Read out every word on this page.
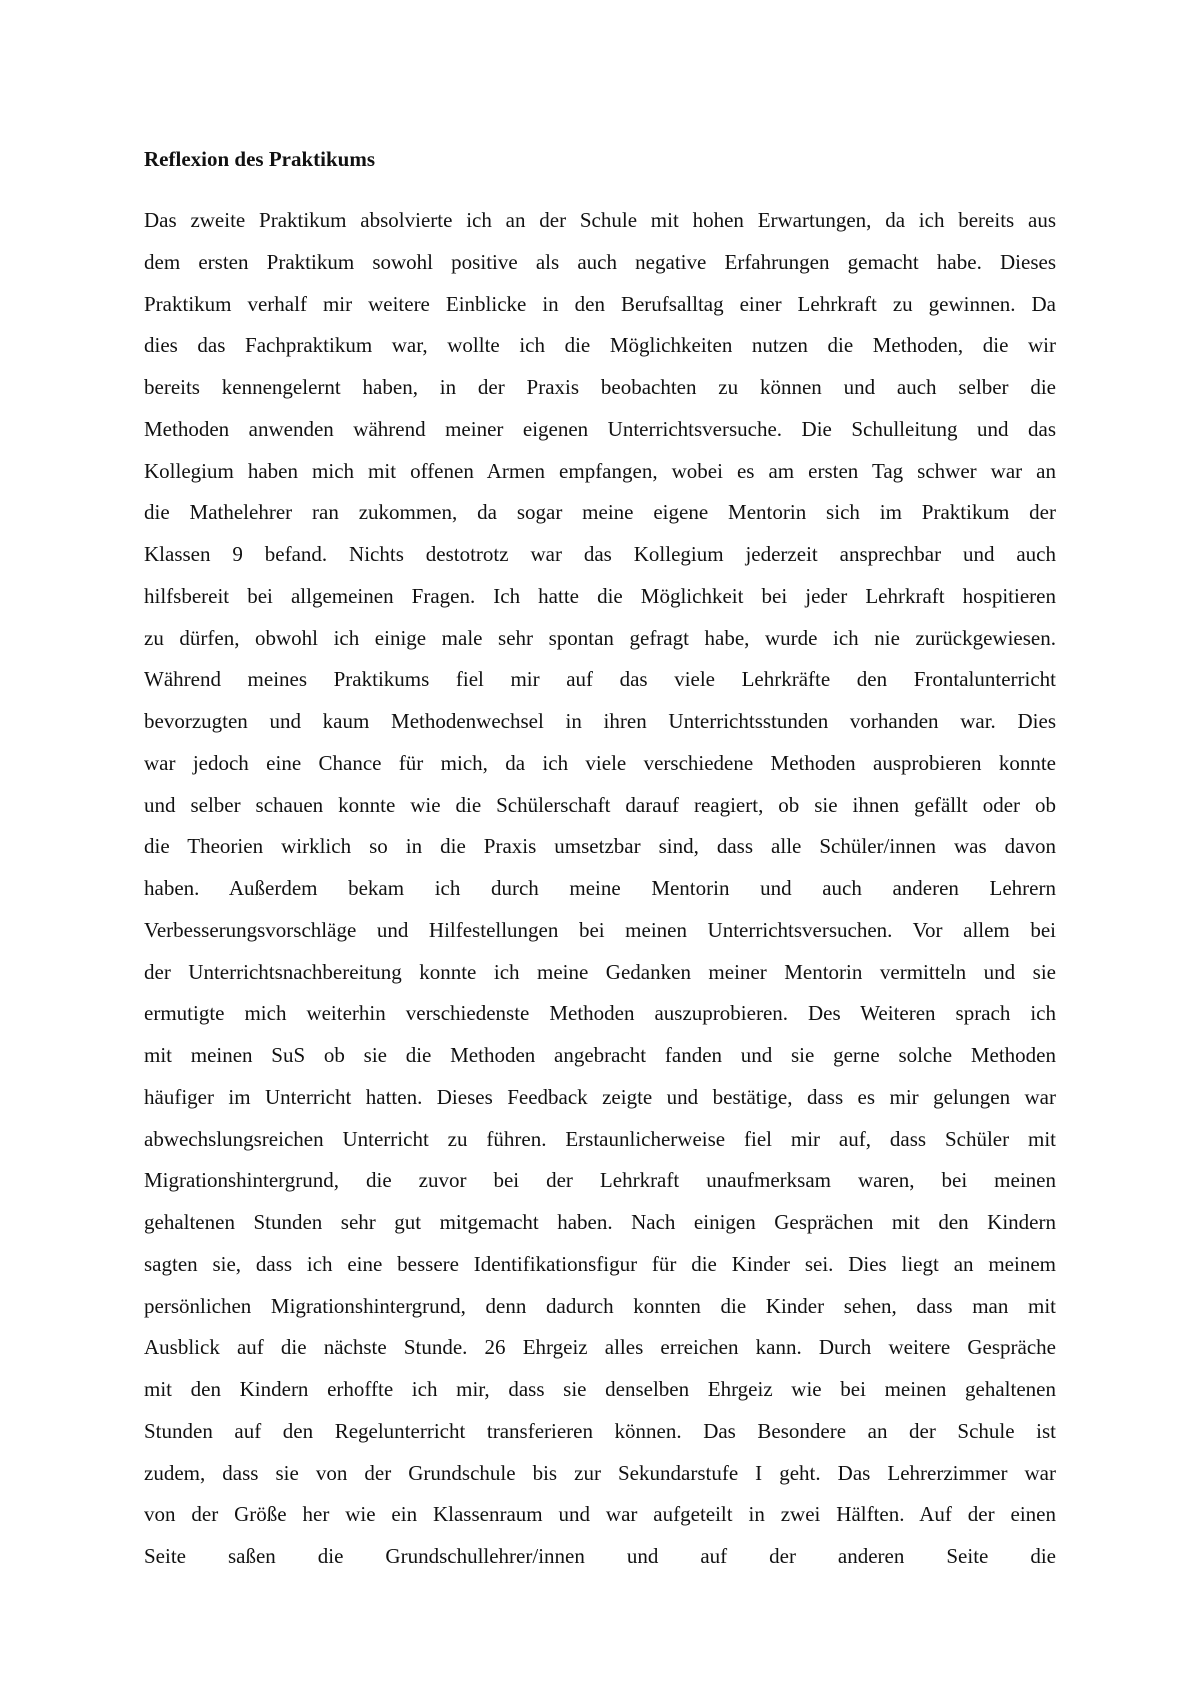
Reflexion des Praktikums
Das zweite Praktikum absolvierte ich an der Schule mit hohen Erwartungen, da ich bereits aus
dem ersten Praktikum sowohl positive als auch negative Erfahrungen gemacht habe. Dieses
Praktikum verhalf mir weitere Einblicke in den Berufsalltag einer Lehrkraft zu gewinnen. Da
dies das Fachpraktikum war, wollte ich die Möglichkeiten nutzen die Methoden, die wir
bereits kennengelernt haben, in der Praxis beobachten zu können und auch selber die
Methoden anwenden während meiner eigenen Unterrichtsversuche. Die Schulleitung und das
Kollegium haben mich mit offenen Armen empfangen, wobei es am ersten Tag schwer war an
die Mathelehrer ran zukommen, da sogar meine eigene Mentorin sich im Praktikum der
Klassen 9 befand. Nichts destotrotz war das Kollegium jederzeit ansprechbar und auch
hilfsbereit bei allgemeinen Fragen. Ich hatte die Möglichkeit bei jeder Lehrkraft hospitieren
zu dürfen, obwohl ich einige male sehr spontan gefragt habe, wurde ich nie zurückgewiesen.
Während meines Praktikums fiel mir auf das viele Lehrkräfte den Frontalunterricht
bevorzugten und kaum Methodenwechsel in ihren Unterrichtsstunden vorhanden war. Dies
war jedoch eine Chance für mich, da ich viele verschiedene Methoden ausprobieren konnte
und selber schauen konnte wie die Schülerschaft darauf reagiert, ob sie ihnen gefällt oder ob
die Theorien wirklich so in die Praxis umsetzbar sind, dass alle Schüler/innen was davon
haben. Außerdem bekam ich durch meine Mentorin und auch anderen Lehrern
Verbesserungsvorschläge und Hilfestellungen bei meinen Unterrichtsversuchen. Vor allem bei
der Unterrichtsnachbereitung konnte ich meine Gedanken meiner Mentorin vermitteln und sie
ermutigte mich weiterhin verschiedenste Methoden auszuprobieren. Des Weiteren sprach ich
mit meinen SuS ob sie die Methoden angebracht fanden und sie gerne solche Methoden
häufiger im Unterricht hatten. Dieses Feedback zeigte und bestätige, dass es mir gelungen war
abwechslungsreichen Unterricht zu führen. Erstaunlicherweise fiel mir auf, dass Schüler mit
Migrationshintergrund, die zuvor bei der Lehrkraft unaufmerksam waren, bei meinen
gehaltenen Stunden sehr gut mitgemacht haben. Nach einigen Gesprächen mit den Kindern
sagten sie, dass ich eine bessere Identifikationsfigur für die Kinder sei. Dies liegt an meinem
persönlichen Migrationshintergrund, denn dadurch konnten die Kinder sehen, dass man mit
Ausblick auf die nächste Stunde. 26 Ehrgeiz alles erreichen kann. Durch weitere Gespräche
mit den Kindern erhoffte ich mir, dass sie denselben Ehrgeiz wie bei meinen gehaltenen
Stunden auf den Regelunterricht transferieren können. Das Besondere an der Schule ist
zudem, dass sie von der Grundschule bis zur Sekundarstufe I geht. Das Lehrerzimmer war
von der Größe her wie ein Klassenraum und war aufgeteilt in zwei Hälften. Auf der einen
Seite saßen die Grundschullehrer/innen und auf der anderen Seite die
